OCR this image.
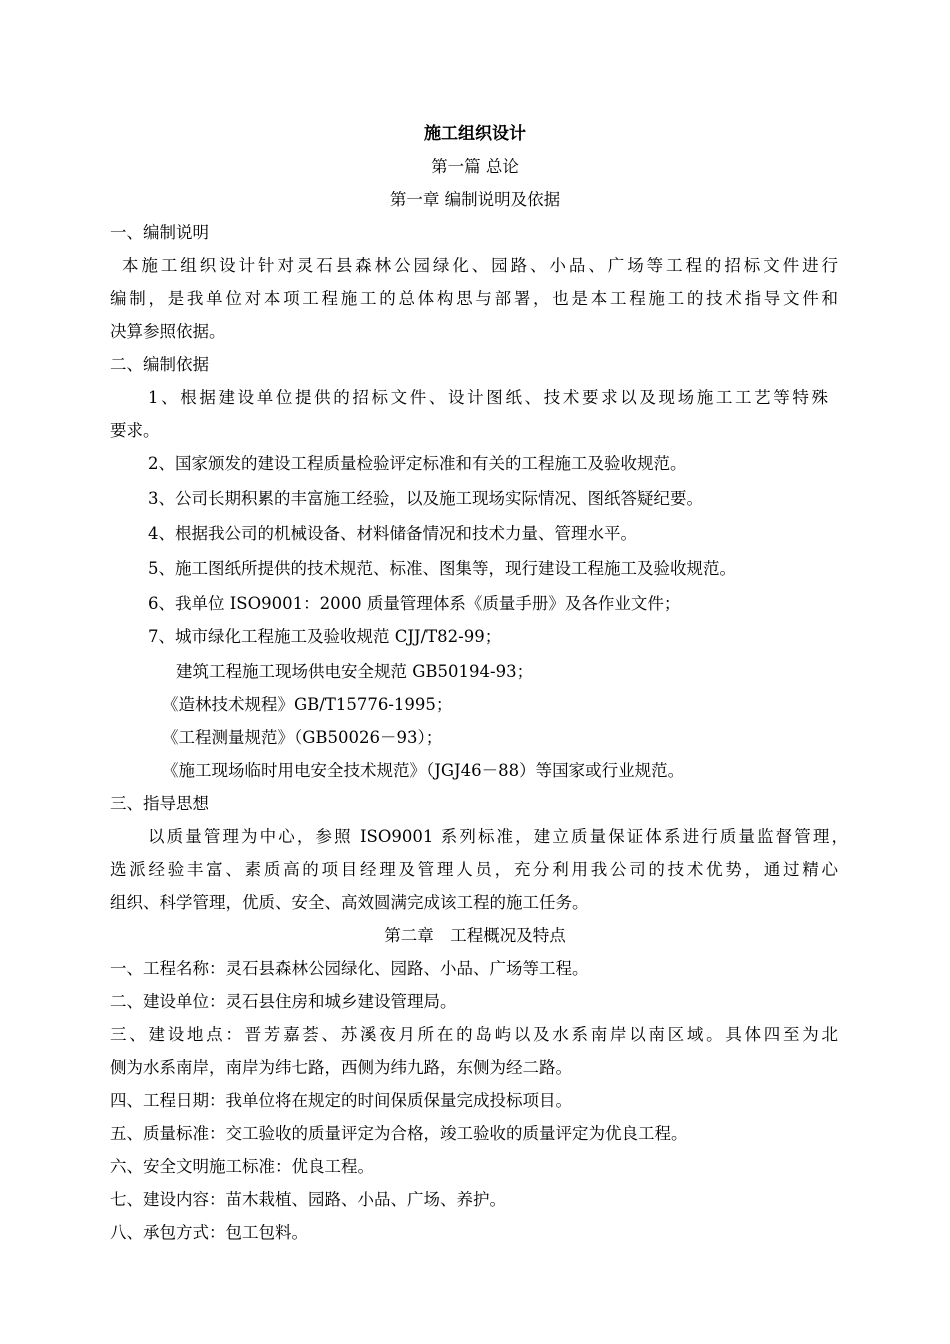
施工组织设计
第一篇 总论
第一章 编制说明及依据
一、编制说明
本施工组织设计针对灵石县森林公园绿化、园路、小品、广场等工程的招标文件进行
编制，是我单位对本项工程施工的总体构思与部署，也是本工程施工的技术指导文件和
决算参照依据。
二、编制依据
1、根据建设单位提供的招标文件、设计图纸、技术要求以及现场施工工艺等特殊
要求。
2、国家颁发的建设工程质量检验评定标准和有关的工程施工及验收规范。
3、公司长期积累的丰富施工经验，以及施工现场实际情况、图纸答疑纪要。
4、根据我公司的机械设备、材料储备情况和技术力量、管理水平。
5、施工图纸所提供的技术规范、标准、图集等，现行建设工程施工及验收规范。
6、我单位 ISO9001：2000 质量管理体系《质量手册》及各作业文件；
7、城市绿化工程施工及验收规范 CJJ/T82-99；
建筑工程施工现场供电安全规范 GB50194-93；
《造林技术规程》GB/T15776-1995；
《工程测量规范》（GB50026－93）；
《施工现场临时用电安全技术规范》（JGJ46－88）等国家或行业规范。
三、指导思想
以质量管理为中心，参照 ISO9001 系列标准，建立质量保证体系进行质量监督管理，
选派经验丰富、素质高的项目经理及管理人员，充分利用我公司的技术优势，通过精心
组织、科学管理，优质、安全、高效圆满完成该工程的施工任务。
第二章　工程概况及特点
一、工程名称：灵石县森林公园绿化、园路、小品、广场等工程。
二、建设单位：灵石县住房和城乡建设管理局。
三、建设地点：晋芳嘉荟、苏溪夜月所在的岛屿以及水系南岸以南区域。具体四至为北
侧为水系南岸，南岸为纬七路，西侧为纬九路，东侧为经二路。
四、工程日期：我单位将在规定的时间保质保量完成投标项目。
五、质量标准：交工验收的质量评定为合格，竣工验收的质量评定为优良工程。
六、安全文明施工标准：优良工程。
七、建设内容：苗木栽植、园路、小品、广场、养护。
八、承包方式：包工包料。
